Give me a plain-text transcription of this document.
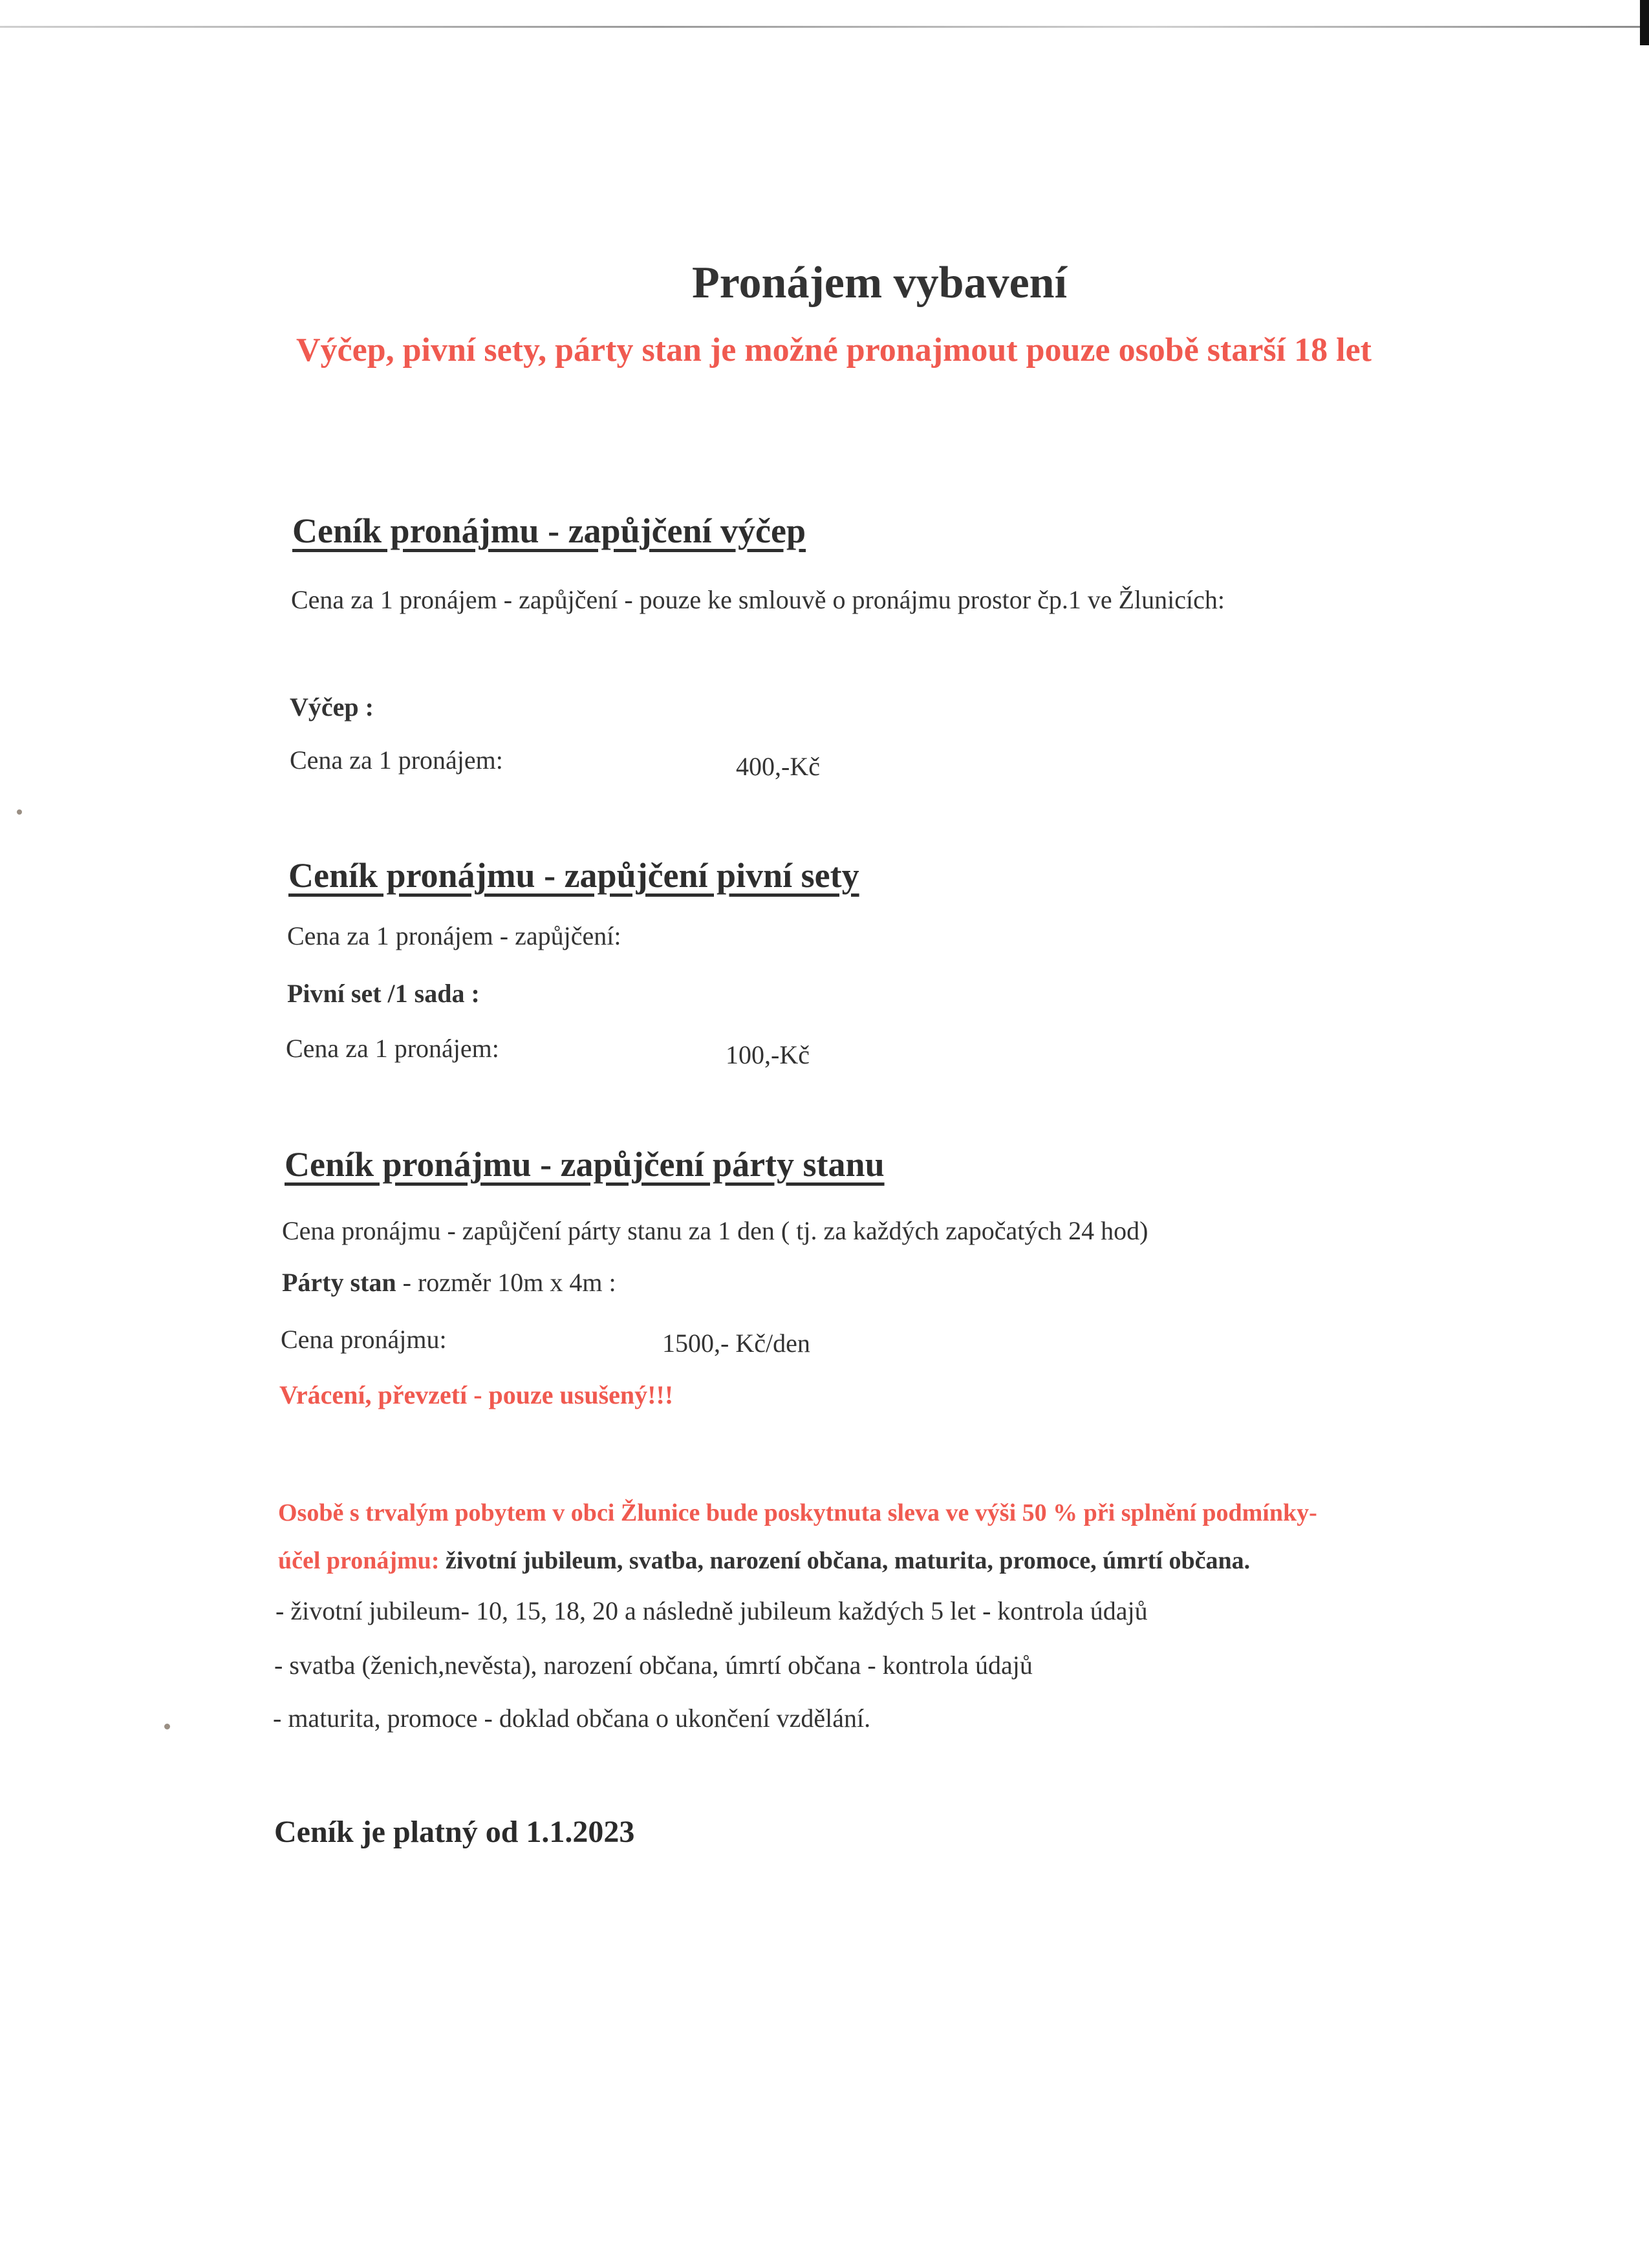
Pronájem vybavení
Výčep, pivní sety, párty stan je možné pronajmout pouze osobě starší 18 let
Ceník pronájmu - zapůjčení výčep
Cena za 1 pronájem - zapůjčení - pouze ke smlouvě o pronájmu prostor čp.1 ve Žlunicích:
Výčep :
Cena za 1 pronájem:	400,-Kč
Ceník pronájmu - zapůjčení pivní sety
Cena za 1 pronájem - zapůjčení:
Pivní set /1 sada :
Cena za 1 pronájem:	100,-Kč
Ceník pronájmu - zapůjčení párty stanu
Cena pronájmu - zapůjčení párty stanu za 1 den ( tj. za každých započatých 24 hod)
Párty stan - rozměr 10m x 4m :
Cena pronájmu:	1500,- Kč/den
Vrácení, převzetí - pouze usušený!!!
Osobě s trvalým pobytem v obci Žlunice bude poskytnuta sleva ve výši 50 % při splnění podmínky-
účel pronájmu: životní jubileum, svatba, narození občana, maturita, promoce, úmrtí občana.
- životní jubileum- 10, 15, 18, 20 a následně jubileum každých 5 let - kontrola údajů
- svatba (ženich,nevěsta), narození občana, úmrtí občana - kontrola údajů
- maturita, promoce - doklad občana o ukončení vzdělání.
Ceník je platný od 1.1.2023
